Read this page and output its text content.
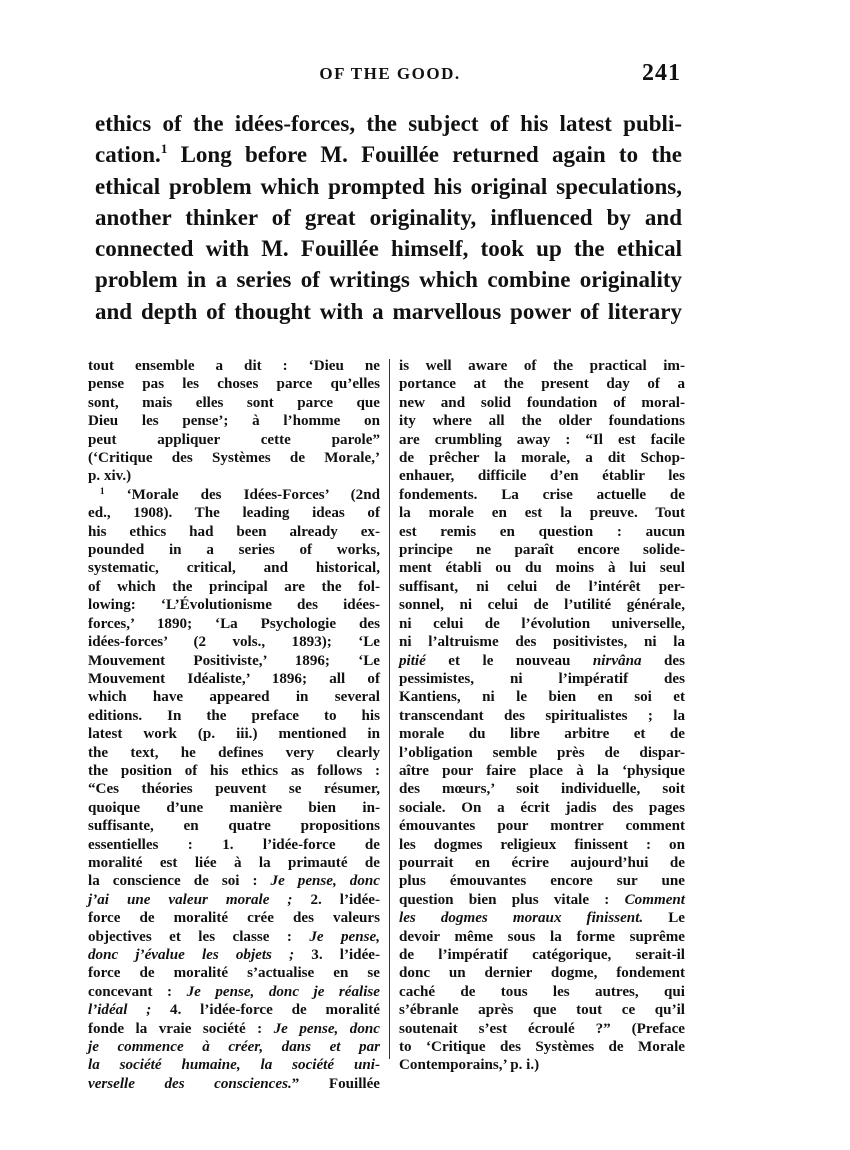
OF THE GOOD.	241
ethics of the idées-forces, the subject of his latest publi-
cation.$^1$ Long before M. Fouillée returned again to the
ethical problem which prompted his original speculations,
another thinker of great originality, influenced by and
connected with M. Fouillée himself, took up the ethical
problem in a series of writings which combine originality
and depth of thought with a marvellous power of literary
tout ensemble a dit : ‘Dieu ne
pense pas les choses parce qu’elles
sont, mais elles sont parce que
Dieu les pense’; à l’homme on
peut appliquer cette parole”
(‘Critique des Systèmes de Morale,’
p. xiv.)
$^1$ ‘Morale des Idées-Forces’ (2nd
ed., 1908). The leading ideas of
his ethics had been already ex-
pounded in a series of works,
systematic, critical, and historical,
of which the principal are the fol-
lowing: ‘L’Évolutionisme des idées-
forces,’ 1890; ‘La Psychologie des
idées-forces’ (2 vols., 1893); ‘Le
Mouvement Positiviste,’ 1896; ‘Le
Mouvement Idéaliste,’ 1896; all of
which have appeared in several
editions. In the preface to his
latest work (p. iii.) mentioned in
the text, he defines very clearly
the position of his ethics as follows :
“Ces théories peuvent se résumer,
quoique d’une manière bien in-
suffisante, en quatre propositions
essentielles : 1. l’idée-force de
moralité est liée à la primauté de
la conscience de soi : Je pense, donc
j’ai une valeur morale ; 2. l’idée-
force de moralité crée des valeurs
objectives et les classe : Je pense,
donc j’évalue les objets ; 3. l’idée-
force de moralité s’actualise en se
concevant : Je pense, donc je réalise
l’idéal ; 4. l’idée-force de moralité
fonde la vraie société : Je pense, donc
je commence à créer, dans et par
la société humaine, la société uni-
verselle des consciences.” Fouillée
is well aware of the practical im-
portance at the present day of a
new and solid foundation of moral-
ity where all the older foundations
are crumbling away : “Il est facile
de prêcher la morale, a dit Schop-
enhauer, difficile d’en établir les
fondements. La crise actuelle de
la morale en est la preuve. Tout
est remis en question : aucun
principe ne paraît encore solide-
ment établi ou du moins à lui seul
suffisant, ni celui de l’intérêt per-
sonnel, ni celui de l’utilité générale,
ni celui de l’évolution universelle,
ni l’altruisme des positivistes, ni la
pitié et le nouveau nirvâna des
pessimistes, ni l’impératif des
Kantiens, ni le bien en soi et
transcendant des spiritualistes ; la
morale du libre arbitre et de
l’obligation semble près de dispar-
aître pour faire place à la ‘physique
des mœurs,’ soit individuelle, soit
sociale. On a écrit jadis des pages
émouvantes pour montrer comment
les dogmes religieux finissent : on
pourrait en écrire aujourd’hui de
plus émouvantes encore sur une
question bien plus vitale : Comment
les dogmes moraux finissent. Le
devoir même sous la forme suprême
de l’impératif catégorique, serait-il
donc un dernier dogme, fondement
caché de tous les autres, qui
s’ébranle après que tout ce qu’il
soutenait s’est écroulé ?” (Preface
to ‘Critique des Systèmes de Morale
Contemporains,’ p. i.)
